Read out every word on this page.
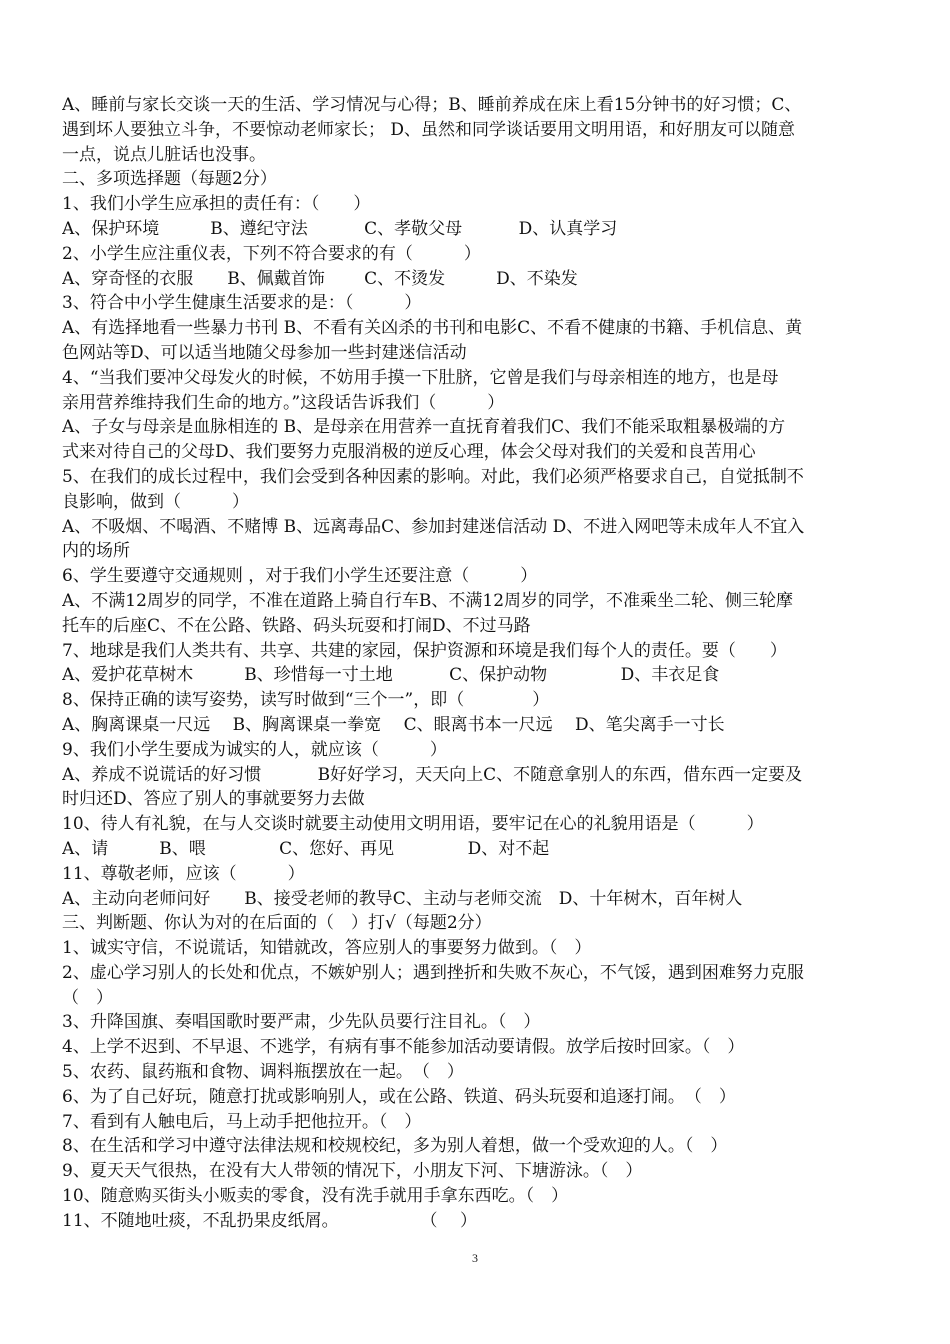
A、睡前与家长交谈一天的生活、学习情况与心得；B、睡前养成在床上看15分钟书的好习惯；C、
遇到坏人要独立斗争，不要惊动老师家长； D、虽然和同学谈话要用文明用语，和好朋友可以随意
一点，说点儿脏话也没事。
二、多项选择题（每题2分）
1、我们小学生应承担的责任有：（　　）
A、保护环境　　　B、遵纪守法　　　 C、孝敬父母　　　 D、认真学习
2、小学生应注重仪表，下列不符合要求的有（　　　）
A、穿奇怪的衣服　　B、佩戴首饰　　 C、不烫发　　　D、不染发
3、符合中小学生健康生活要求的是：（　　　）
A、有选择地看一些暴力书刊 B、不看有关凶杀的书刊和电影C、不看不健康的书籍、手机信息、黄
色网站等D、可以适当地随父母参加一些封建迷信活动
4、“当我们要冲父母发火的时候，不妨用手摸一下肚脐，它曾是我们与母亲相连的地方，也是母
亲用营养维持我们生命的地方。”这段话告诉我们（　　　）
A、子女与母亲是血脉相连的 B、是母亲在用营养一直抚育着我们C、我们不能采取粗暴极端的方
式来对待自己的父母D、我们要努力克服消极的逆反心理，体会父母对我们的关爱和良苦用心
5、在我们的成长过程中，我们会受到各种因素的影响。对此，我们必须严格要求自己，自觉抵制不
良影响，做到（　　　）
A、不吸烟、不喝酒、不赌博 B、远离毒品C、参加封建迷信活动 D、不进入网吧等未成年人不宜入
内的场所
6、学生要遵守交通规则 ，对于我们小学生还要注意（　　　）
A、不满12周岁的同学，不准在道路上骑自行车B、不满12周岁的同学，不准乘坐二轮、侧三轮摩
托车的后座C、不在公路、铁路、码头玩耍和打闹D、不过马路
7、地球是我们人类共有、共享、共建的家园，保护资源和环境是我们每个人的责任。要（　　）
A、爱护花草树木　　　B、珍惜每一寸土地　　　 C、保护动物　　　　 D、丰衣足食
8、保持正确的读写姿势，读写时做到“三个一”，即（　　　　）
A、胸离课桌一尺远　 B、胸离课桌一拳宽　 C、眼离书本一尺远　 D、笔尖离手一寸长
9、我们小学生要成为诚实的人，就应该（　　　）
A、养成不说谎话的好习惯　　　 B好好学习，天天向上C、不随意拿别人的东西，借东西一定要及
时归还D、答应了别人的事就要努力去做
10、待人有礼貌，在与人交谈时就要主动使用文明用语，要牢记在心的礼貌用语是（　　　）
A、请　　　B、喂　　　　 C、您好、再见　　　　 D、对不起
11、尊敬老师，应该（　　　）
A、主动向老师问好　　B、接受老师的教导C、主动与老师交流　D、十年树木，百年树人
三、判断题、你认为对的在后面的（　）打√（每题2分）
1、诚实守信，不说谎话，知错就改，答应别人的事要努力做到。（　）
2、虚心学习别人的长处和优点，不嫉妒别人；遇到挫折和失败不灰心，不气馁，遇到困难努力克服
（　）
3、升降国旗、奏唱国歌时要严肃，少先队员要行注目礼。（　）
4、上学不迟到、不早退、不逃学，有病有事不能参加活动要请假。放学后按时回家。（　）
5、农药、鼠药瓶和食物、调料瓶摆放在一起。　（　）
6、为了自己好玩，随意打扰或影响别人，或在公路、铁道、码头玩耍和追逐打闹。　（　）
7、看到有人触电后，马上动手把他拉开。（　）
8、在生活和学习中遵守法律法规和校规校纪，多为别人着想，做一个受欢迎的人。（　）
9、夏天天气很热，在没有大人带领的情况下，小朋友下河、下塘游泳。（　）
10、随意购买街头小贩卖的零食，没有洗手就用手拿东西吃。（　）
11、不随地吐痰，不乱扔果皮纸屑。　　　　　 （　 ）
3
